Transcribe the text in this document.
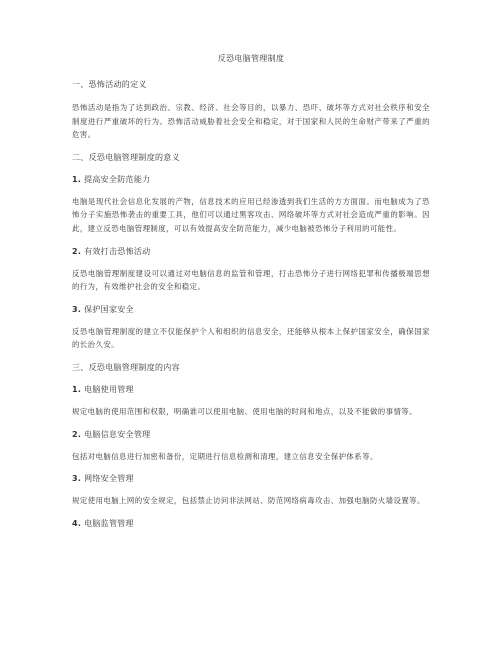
反恐电脑管理制度
一、恐怖活动的定义

恐怖活动是指为了达到政治、宗教、经济、社会等目的，以暴力、恐吓、破坏等方式对社会秩序和安全制度进行严重破坏的行为。恐怖活动威胁着社会安全和稳定，对于国家和人民的生命财产带来了严重的危害。

二、反恐电脑管理制度的意义
1. 提高安全防范能力

电脑是现代社会信息化发展的产物，信息技术的应用已经渗透到我们生活的方方面面。而电脑成为了恐怖分子实施恐怖袭击的重要工具，他们可以通过黑客攻击、网络破坏等方式对社会造成严重的影响。因此，建立反恐电脑管理制度，可以有效提高安全防范能力，减少电脑被恐怖分子利用的可能性。

2. 有效打击恐怖活动

反恐电脑管理制度建设可以通过对电脑信息的监管和管理，打击恐怖分子进行网络犯罪和传播极端思想的行为，有效维护社会的安全和稳定。

3. 保护国家安全

反恐电脑管理制度的建立不仅能保护个人和组织的信息安全，还能够从根本上保护国家安全，确保国家的长治久安。

三、反恐电脑管理制度的内容
1. 电脑使用管理

规定电脑的使用范围和权限，明确谁可以使用电脑、使用电脑的时间和地点，以及不能做的事情等。

2. 电脑信息安全管理

包括对电脑信息进行加密和备份，定期进行信息检测和清理，建立信息安全保护体系等。

3. 网络安全管理

规定使用电脑上网的安全规定，包括禁止访问非法网站、防范网络病毒攻击、加强电脑防火墙设置等。

4. 电脑监管管理
